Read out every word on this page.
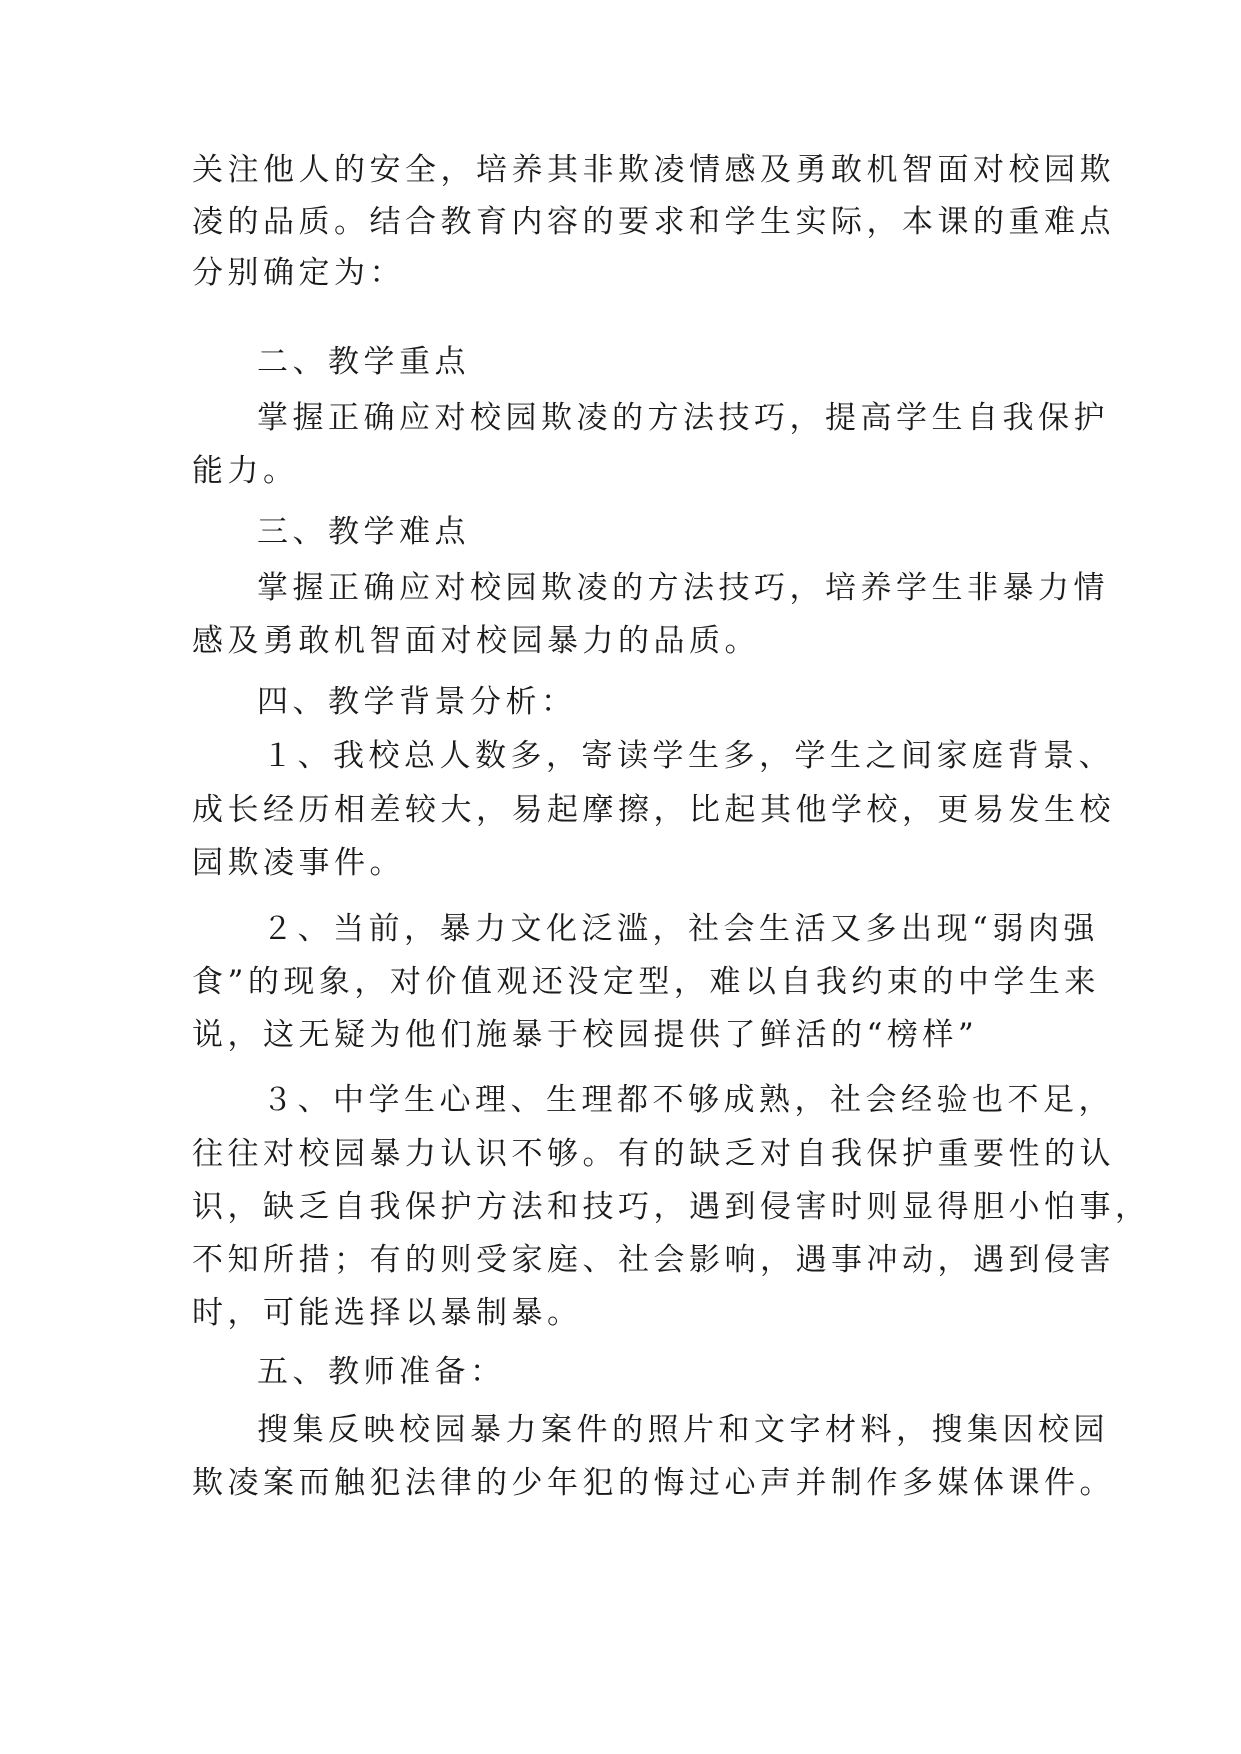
关注他人的安全，培养其非欺凌情感及勇敢机智面对校园欺
凌的品质。结合教育内容的要求和学生实际，本课的重难点
分别确定为：
二、教学重点
掌握正确应对校园欺凌的方法技巧，提高学生自我保护
能力。
三、教学难点
掌握正确应对校园欺凌的方法技巧，培养学生非暴力情
感及勇敢机智面对校园暴力的品质。
四、教学背景分析：
１、我校总人数多，寄读学生多，学生之间家庭背景、
成长经历相差较大，易起摩擦，比起其他学校，更易发生校
园欺凌事件。
２、当前，暴力文化泛滥，社会生活又多出现“弱肉强
食”的现象，对价值观还没定型，难以自我约束的中学生来
说，这无疑为他们施暴于校园提供了鲜活的“榜样”
３、中学生心理、生理都不够成熟，社会经验也不足，
往往对校园暴力认识不够。有的缺乏对自我保护重要性的认
识，缺乏自我保护方法和技巧，遇到侵害时则显得胆小怕事，
不知所措；有的则受家庭、社会影响，遇事冲动，遇到侵害
时，可能选择以暴制暴。
五、教师准备：
搜集反映校园暴力案件的照片和文字材料，搜集因校园
欺凌案而触犯法律的少年犯的悔过心声并制作多媒体课件。
